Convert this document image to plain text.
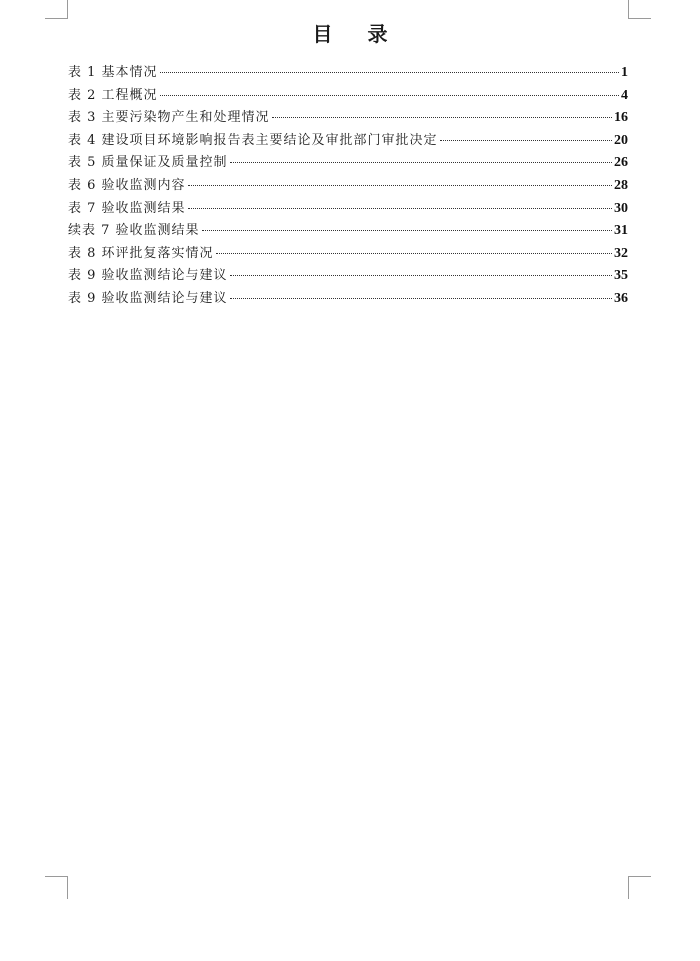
目 录
表 1 基本情况	1
表 2 工程概况	4
表 3 主要污染物产生和处理情况	16
表 4 建设项目环境影响报告表主要结论及审批部门审批决定	20
表 5 质量保证及质量控制	26
表 6 验收监测内容	28
表 7 验收监测结果	30
续表 7 验收监测结果	31
表 8 环评批复落实情况	32
表 9 验收监测结论与建议	35
表 9 验收监测结论与建议	36
